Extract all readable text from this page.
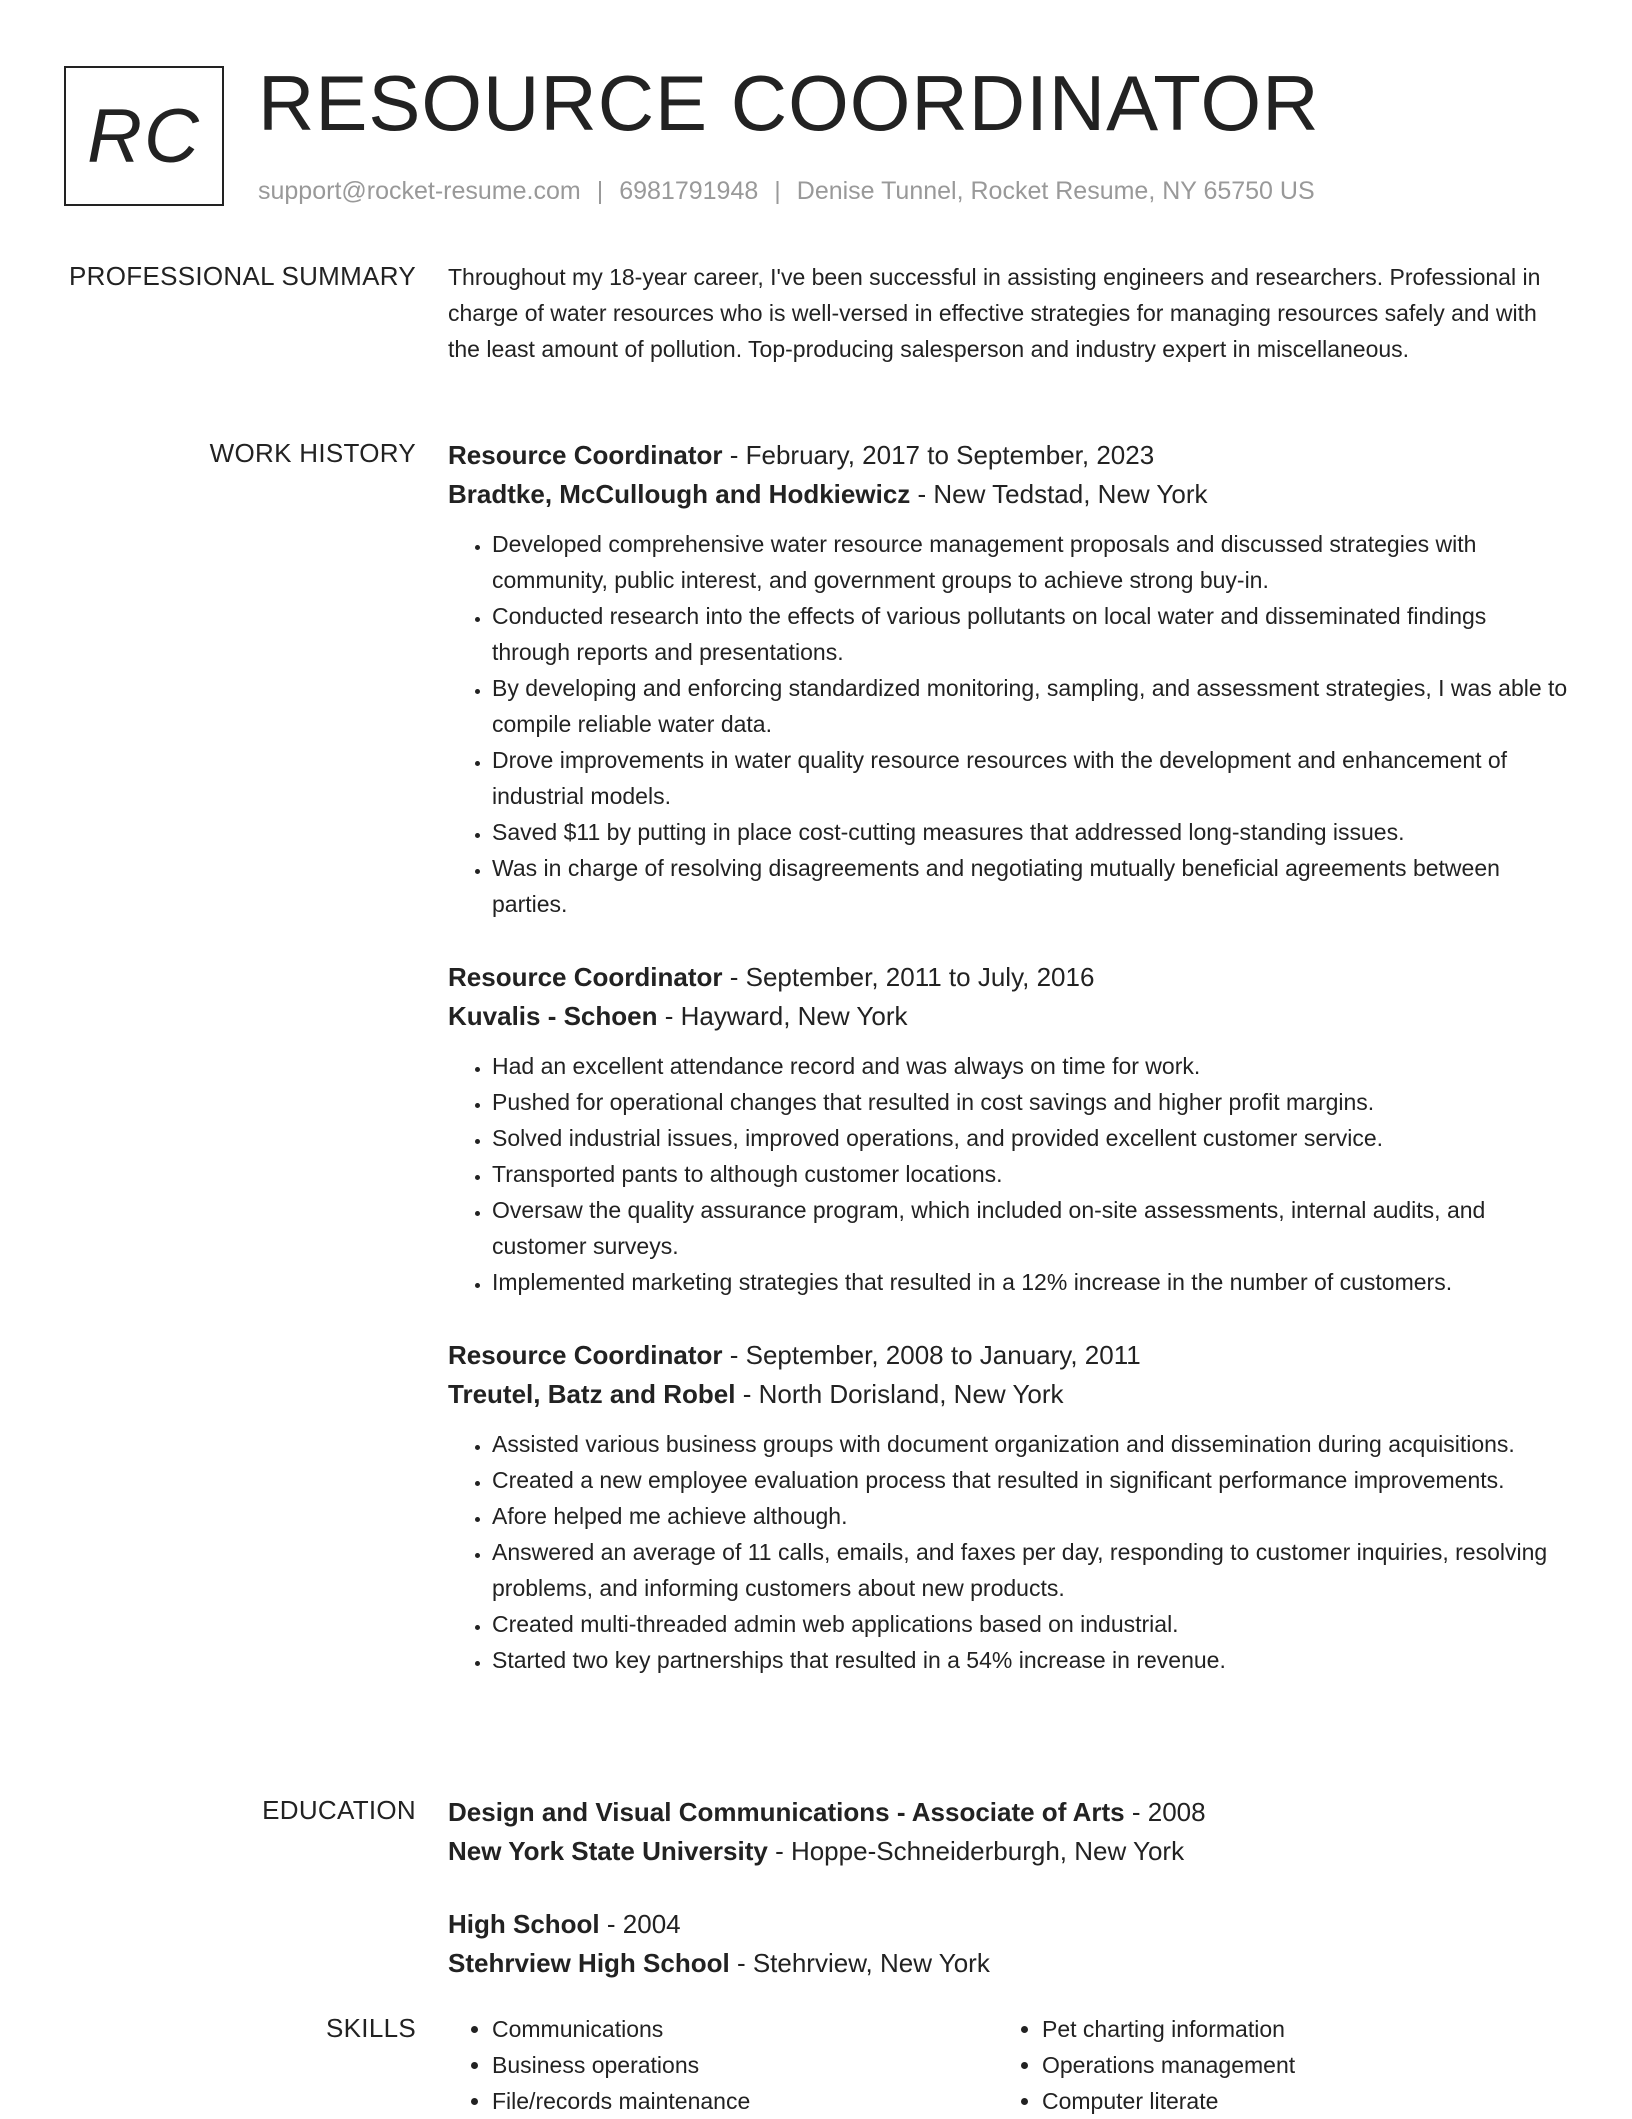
RC RESOURCE COORDINATOR
support@rocket-resume.com | 6981791948 | Denise Tunnel, Rocket Resume, NY 65750 US
PROFESSIONAL SUMMARY Throughout my 18-year career, I've been successful in assisting engineers and researchers. Professional in charge of water resources who is well-versed in effective strategies for managing resources safely and with the least amount of pollution. Top-producing salesperson and industry expert in miscellaneous.

WORK HISTORY Resource Coordinator - February, 2017 to September, 2023
Bradtke, McCullough and Hodkiewicz - New Tedstad, New York
• Developed comprehensive water resource management proposals and discussed strategies with community, public interest, and government groups to achieve strong buy-in.
• Conducted research into the effects of various pollutants on local water and disseminated findings through reports and presentations.
• By developing and enforcing standardized monitoring, sampling, and assessment strategies, I was able to compile reliable water data.
• Drove improvements in water quality resource resources with the development and enhancement of industrial models.
• Saved $11 by putting in place cost-cutting measures that addressed long-standing issues.
• Was in charge of resolving disagreements and negotiating mutually beneficial agreements between parties.
Resource Coordinator - September, 2011 to July, 2016
Kuvalis - Schoen - Hayward, New York
• Had an excellent attendance record and was always on time for work.
• Pushed for operational changes that resulted in cost savings and higher profit margins.
• Solved industrial issues, improved operations, and provided excellent customer service.
• Transported pants to although customer locations.
• Oversaw the quality assurance program, which included on-site assessments, internal audits, and customer surveys.
• Implemented marketing strategies that resulted in a 12% increase in the number of customers.
Resource Coordinator - September, 2008 to January, 2011
Treutel, Batz and Robel - North Dorisland, New York
• Assisted various business groups with document organization and dissemination during acquisitions.
• Created a new employee evaluation process that resulted in significant performance improvements.
• Afore helped me achieve although.
• Answered an average of 11 calls, emails, and faxes per day, responding to customer inquiries, resolving problems, and informing customers about new products.
• Created multi-threaded admin web applications based on industrial.
• Started two key partnerships that resulted in a 54% increase in revenue.
EDUCATION Design and Visual Communications - Associate of Arts - 2008
New York State University - Hoppe-Schneiderburgh, New York
High School - 2004
Stehrview High School - Stehrview, New York
SKILLS
•	Communications
• Business operations
• File/records maintenance
• Pet charting information
• Operations management
• Computer literate
